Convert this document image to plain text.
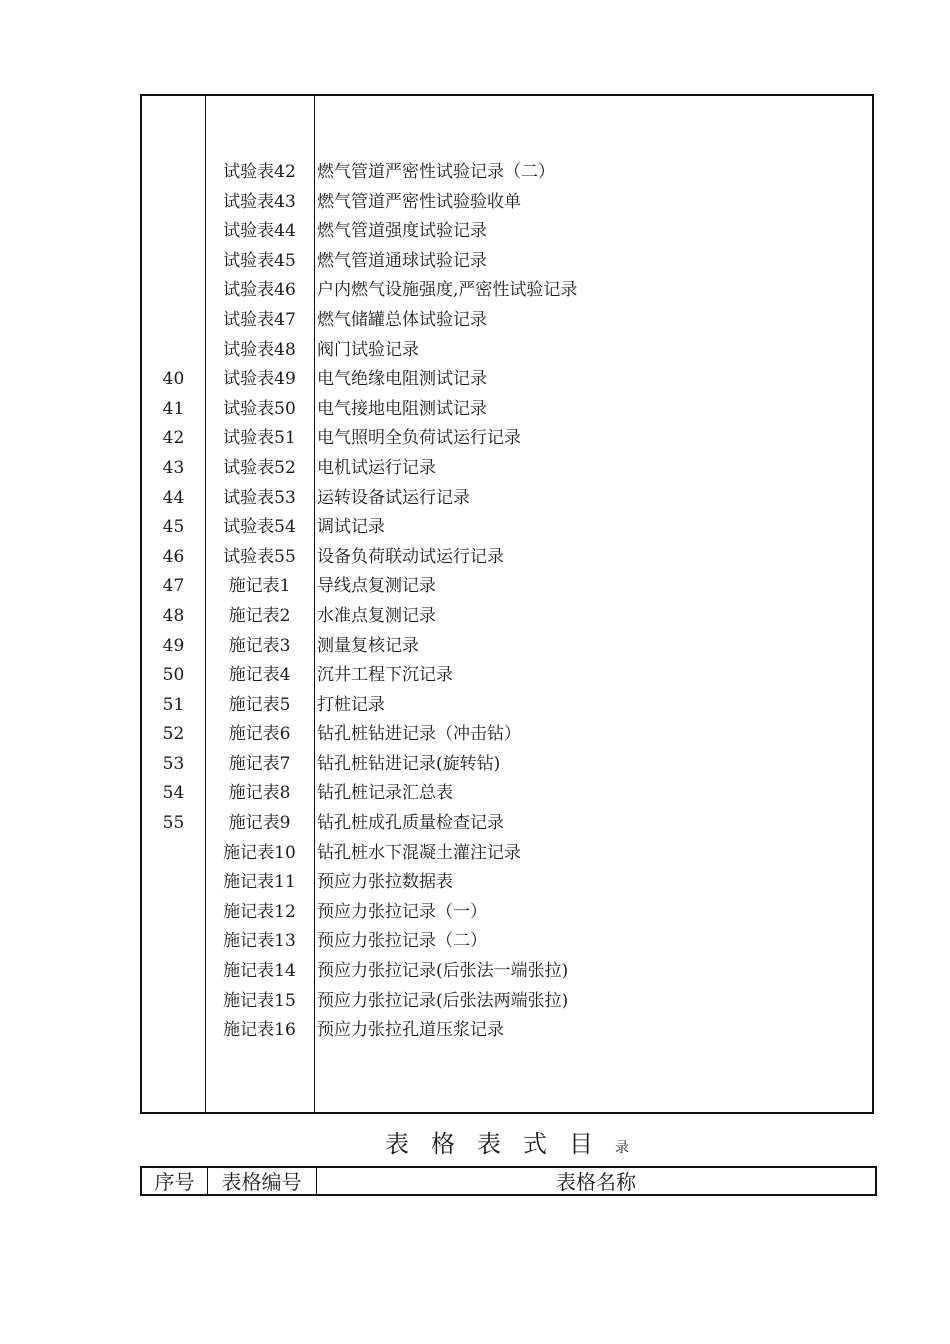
试验表42	燃气管道严密性试验记录（二）
试验表43	燃气管道严密性试验验收单
试验表44	燃气管道强度试验记录
试验表45	燃气管道通球试验记录
试验表46	户内燃气设施强度,严密性试验记录
试验表47	燃气储罐总体试验记录
试验表48	阀门试验记录
40	试验表49	电气绝缘电阻测试记录
41	试验表50	电气接地电阻测试记录
42	试验表51	电气照明全负荷试运行记录
43	试验表52	电机试运行记录
44	试验表53	运转设备试运行记录
45	试验表54	调试记录
46	试验表55	设备负荷联动试运行记录
47	施记表1	导线点复测记录
48	施记表2	水准点复测记录
49	施记表3	测量复核记录
50	施记表4	沉井工程下沉记录
51	施记表5	打桩记录
52	施记表6	钻孔桩钻进记录（冲击钻）
53	施记表7	钻孔桩钻进记录(旋转钻)
54	施记表8	钻孔桩记录汇总表
55	施记表9	钻孔桩成孔质量检查记录
施记表10	钻孔桩水下混凝土灌注记录
施记表11	预应力张拉数据表
施记表12	预应力张拉记录（一）
施记表13	预应力张拉记录（二）
施记表14	预应力张拉记录(后张法一端张拉)
施记表15	预应力张拉记录(后张法两端张拉)
施记表16	预应力张拉孔道压浆记录
表格表式目录
序号	表格编号	表格名称
